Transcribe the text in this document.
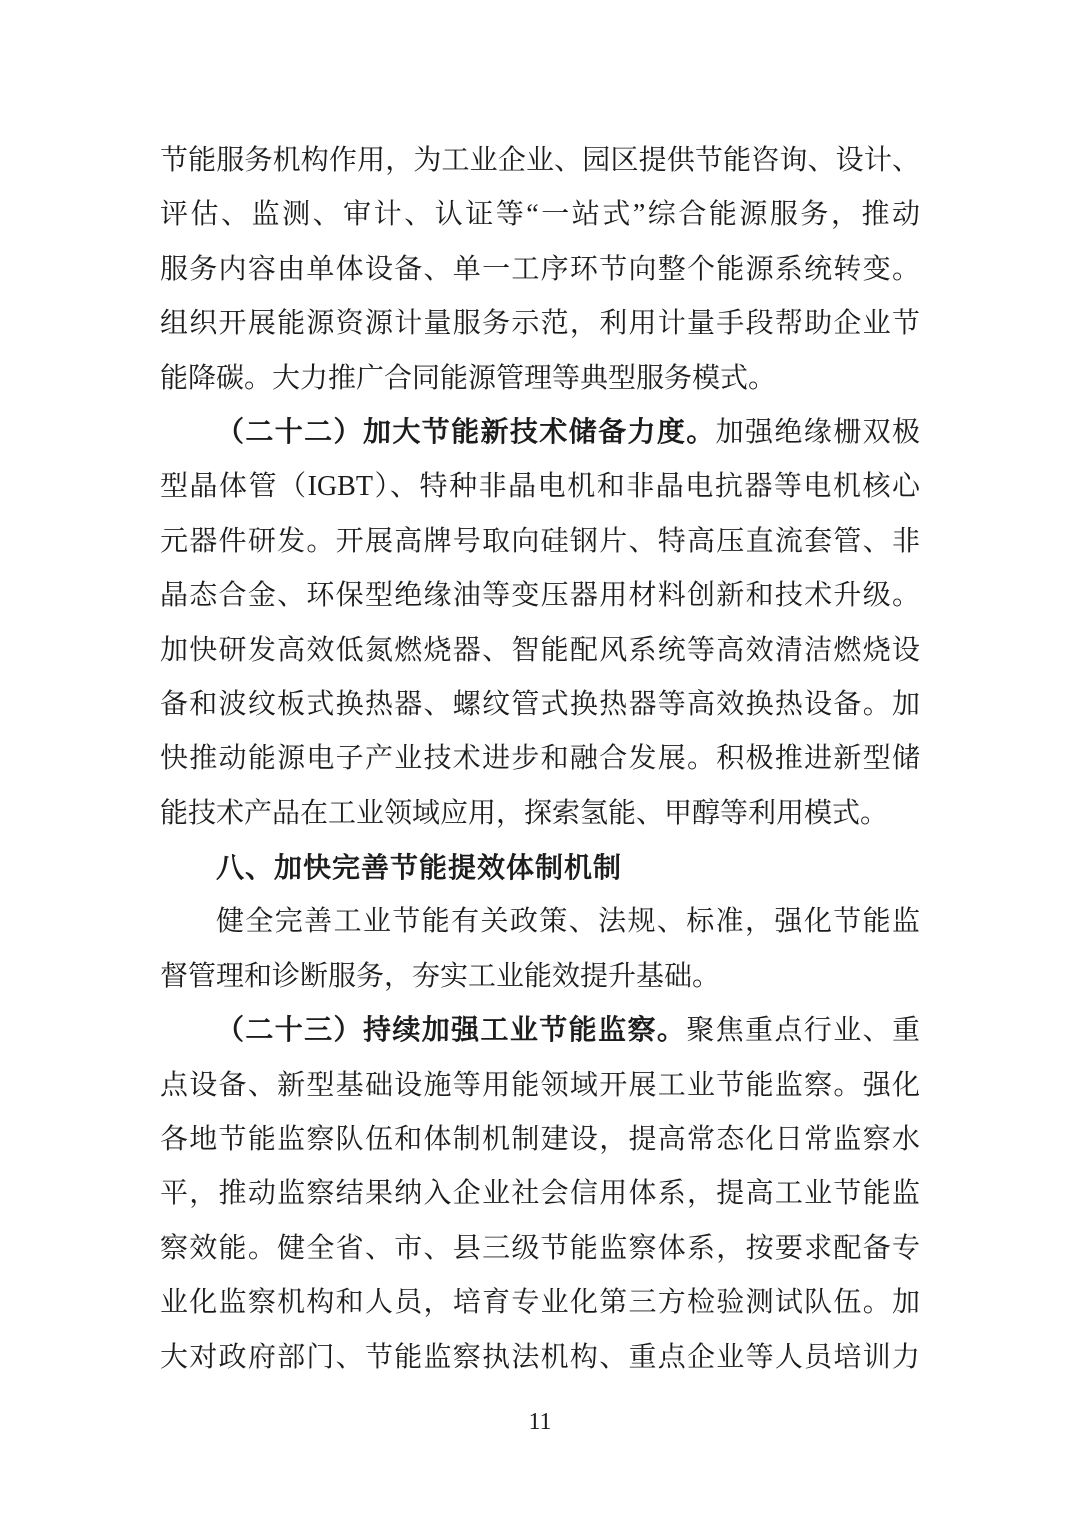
节能服务机构作用，为工业企业、园区提供节能咨询、设计、
评估、监测、审计、认证等“一站式”综合能源服务，推动
服务内容由单体设备、单一工序环节向整个能源系统转变。
组织开展能源资源计量服务示范，利用计量手段帮助企业节
能降碳。大力推广合同能源管理等典型服务模式。
（二十二）加大节能新技术储备力度。加强绝缘栅双极
型晶体管（IGBT）、特种非晶电机和非晶电抗器等电机核心
元器件研发。开展高牌号取向硅钢片、特高压直流套管、非
晶态合金、环保型绝缘油等变压器用材料创新和技术升级。
加快研发高效低氮燃烧器、智能配风系统等高效清洁燃烧设
备和波纹板式换热器、螺纹管式换热器等高效换热设备。加
快推动能源电子产业技术进步和融合发展。积极推进新型储
能技术产品在工业领域应用，探索氢能、甲醇等利用模式。
八、加快完善节能提效体制机制
健全完善工业节能有关政策、法规、标准，强化节能监
督管理和诊断服务，夯实工业能效提升基础。
（二十三）持续加强工业节能监察。聚焦重点行业、重
点设备、新型基础设施等用能领域开展工业节能监察。强化
各地节能监察队伍和体制机制建设，提高常态化日常监察水
平，推动监察结果纳入企业社会信用体系，提高工业节能监
察效能。健全省、市、县三级节能监察体系，按要求配备专
业化监察机构和人员，培育专业化第三方检验测试队伍。加
大对政府部门、节能监察执法机构、重点企业等人员培训力
11
